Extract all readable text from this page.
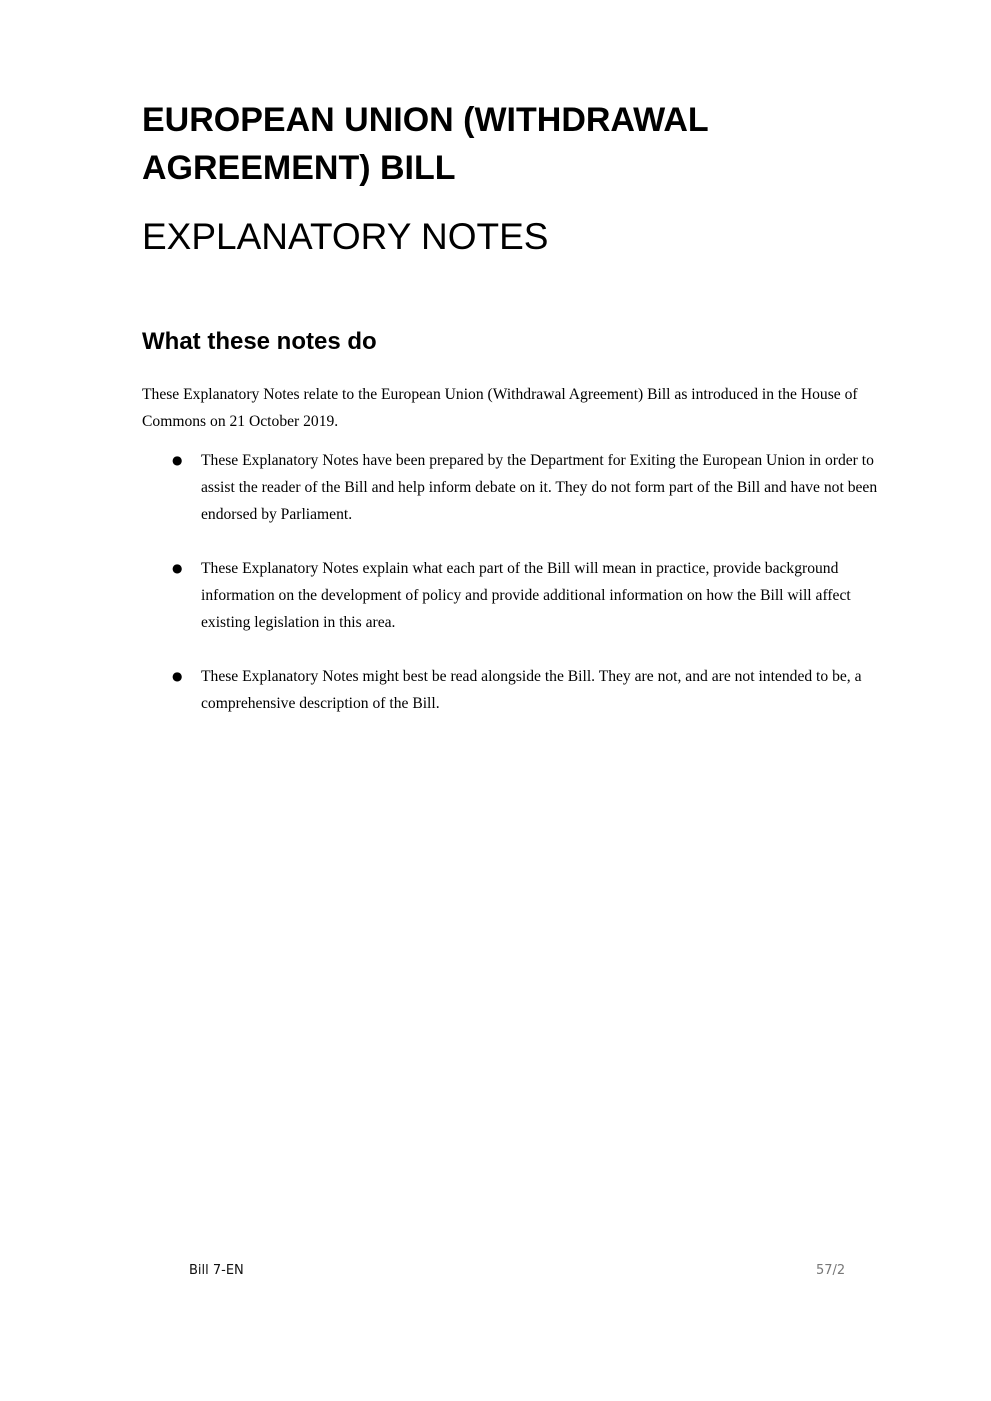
EUROPEAN UNION (WITHDRAWAL AGREEMENT) BILL
EXPLANATORY NOTES
What these notes do

These Explanatory Notes relate to the European Union (Withdrawal Agreement) Bill as introduced in the House of Commons on 21 October 2019.

● These Explanatory Notes have been prepared by the Department for Exiting the European Union in order to assist the reader of the Bill and help inform debate on it. They do not form part of the Bill and have not been endorsed by Parliament.
● These Explanatory Notes explain what each part of the Bill will mean in practice, provide background information on the development of policy and provide additional information on how the Bill will affect existing legislation in this area.
● These Explanatory Notes might best be read alongside the Bill. They are not, and are not intended to be, a comprehensive description of the Bill.
Bill 7-EN	57/2
